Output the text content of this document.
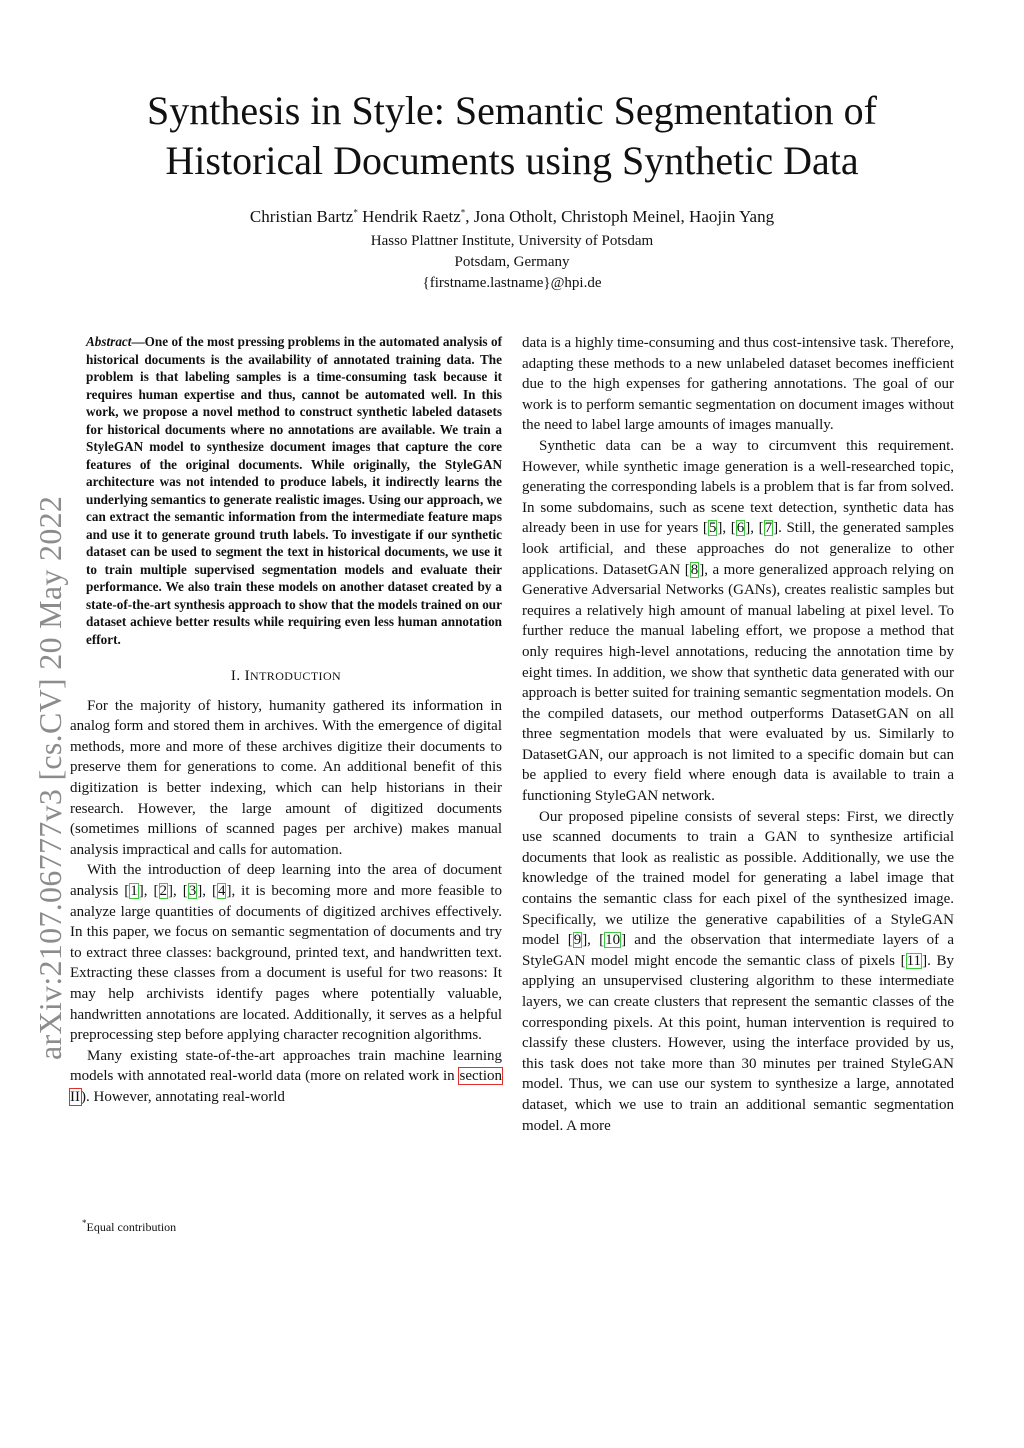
Synthesis in Style: Semantic Segmentation of
Historical Documents using Synthetic Data
Christian Bartz* Hendrik Raetz*, Jona Otholt, Christoph Meinel, Haojin Yang
Hasso Plattner Institute, University of Potsdam
Potsdam, Germany
{firstname.lastname}@hpi.de
arXiv:2107.06777v3 [cs.CV] 20 May 2022
Abstract—One of the most pressing problems in the automated analysis of historical documents is the availability of annotated training data. The problem is that labeling samples is a time-consuming task because it requires human expertise and thus, cannot be automated well. In this work, we propose a novel method to construct synthetic labeled datasets for historical documents where no annotations are available. We train a StyleGAN model to synthesize document images that capture the core features of the original documents. While originally, the StyleGAN architecture was not intended to produce labels, it indirectly learns the underlying semantics to generate realistic images. Using our approach, we can extract the semantic information from the intermediate feature maps and use it to generate ground truth labels. To investigate if our synthetic dataset can be used to segment the text in historical documents, we use it to train multiple supervised segmentation models and evaluate their performance. We also train these models on another dataset created by a state-of-the-art synthesis approach to show that the models trained on our dataset achieve better results while requiring even less human annotation effort.
I. INTRODUCTION

For the majority of history, humanity gathered its information in analog form and stored them in archives. With the emergence of digital methods, more and more of these archives digitize their documents to preserve them for generations to come. An additional benefit of this digitization is better indexing, which can help historians in their research. However, the large amount of digitized documents (sometimes millions of scanned pages per archive) makes manual analysis impractical and calls for automation.

With the introduction of deep learning into the area of document analysis [1], [2], [3], [4], it is becoming more and more feasible to analyze large quantities of documents of digitized archives effectively. In this paper, we focus on semantic segmentation of documents and try to extract three classes: background, printed text, and handwritten text. Extracting these classes from a document is useful for two reasons: It may help archivists identify pages where potentially valuable, handwritten annotations are located. Additionally, it serves as a helpful preprocessing step before applying character recognition algorithms.

Many existing state-of-the-art approaches train machine learning models with annotated real-world data (more on related work in section II). However, annotating real-world

data is a highly time-consuming and thus cost-intensive task. Therefore, adapting these methods to a new unlabeled dataset becomes inefficient due to the high expenses for gathering annotations. The goal of our work is to perform semantic segmentation on document images without the need to label large amounts of images manually.

Synthetic data can be a way to circumvent this requirement. However, while synthetic image generation is a well-researched topic, generating the corresponding labels is a problem that is far from solved. In some subdomains, such as scene text detection, synthetic data has already been in use for years [5], [6], [7]. Still, the generated samples look artificial, and these approaches do not generalize to other applications. DatasetGAN [8], a more generalized approach relying on Generative Adversarial Networks (GANs), creates realistic samples but requires a relatively high amount of manual labeling at pixel level. To further reduce the manual labeling effort, we propose a method that only requires high-level annotations, reducing the annotation time by eight times. In addition, we show that synthetic data generated with our approach is better suited for training semantic segmentation models. On the compiled datasets, our method outperforms DatasetGAN on all three segmentation models that were evaluated by us. Similarly to DatasetGAN, our approach is not limited to a specific domain but can be applied to every field where enough data is available to train a functioning StyleGAN network.

Our proposed pipeline consists of several steps: First, we directly use scanned documents to train a GAN to synthesize artificial documents that look as realistic as possible. Additionally, we use the knowledge of the trained model for generating a label image that contains the semantic class for each pixel of the synthesized image. Specifically, we utilize the generative capabilities of a StyleGAN model [9], [10] and the observation that intermediate layers of a StyleGAN model might encode the semantic class of pixels [11]. By applying an unsupervised clustering algorithm to these intermediate layers, we can create clusters that represent the semantic classes of the corresponding pixels. At this point, human intervention is required to classify these clusters. However, using the interface provided by us, this task does not take more than 30 minutes per trained StyleGAN model. Thus, we can use our system to synthesize a large, annotated dataset, which we use to train an additional semantic segmentation model. A more

*Equal contribution
